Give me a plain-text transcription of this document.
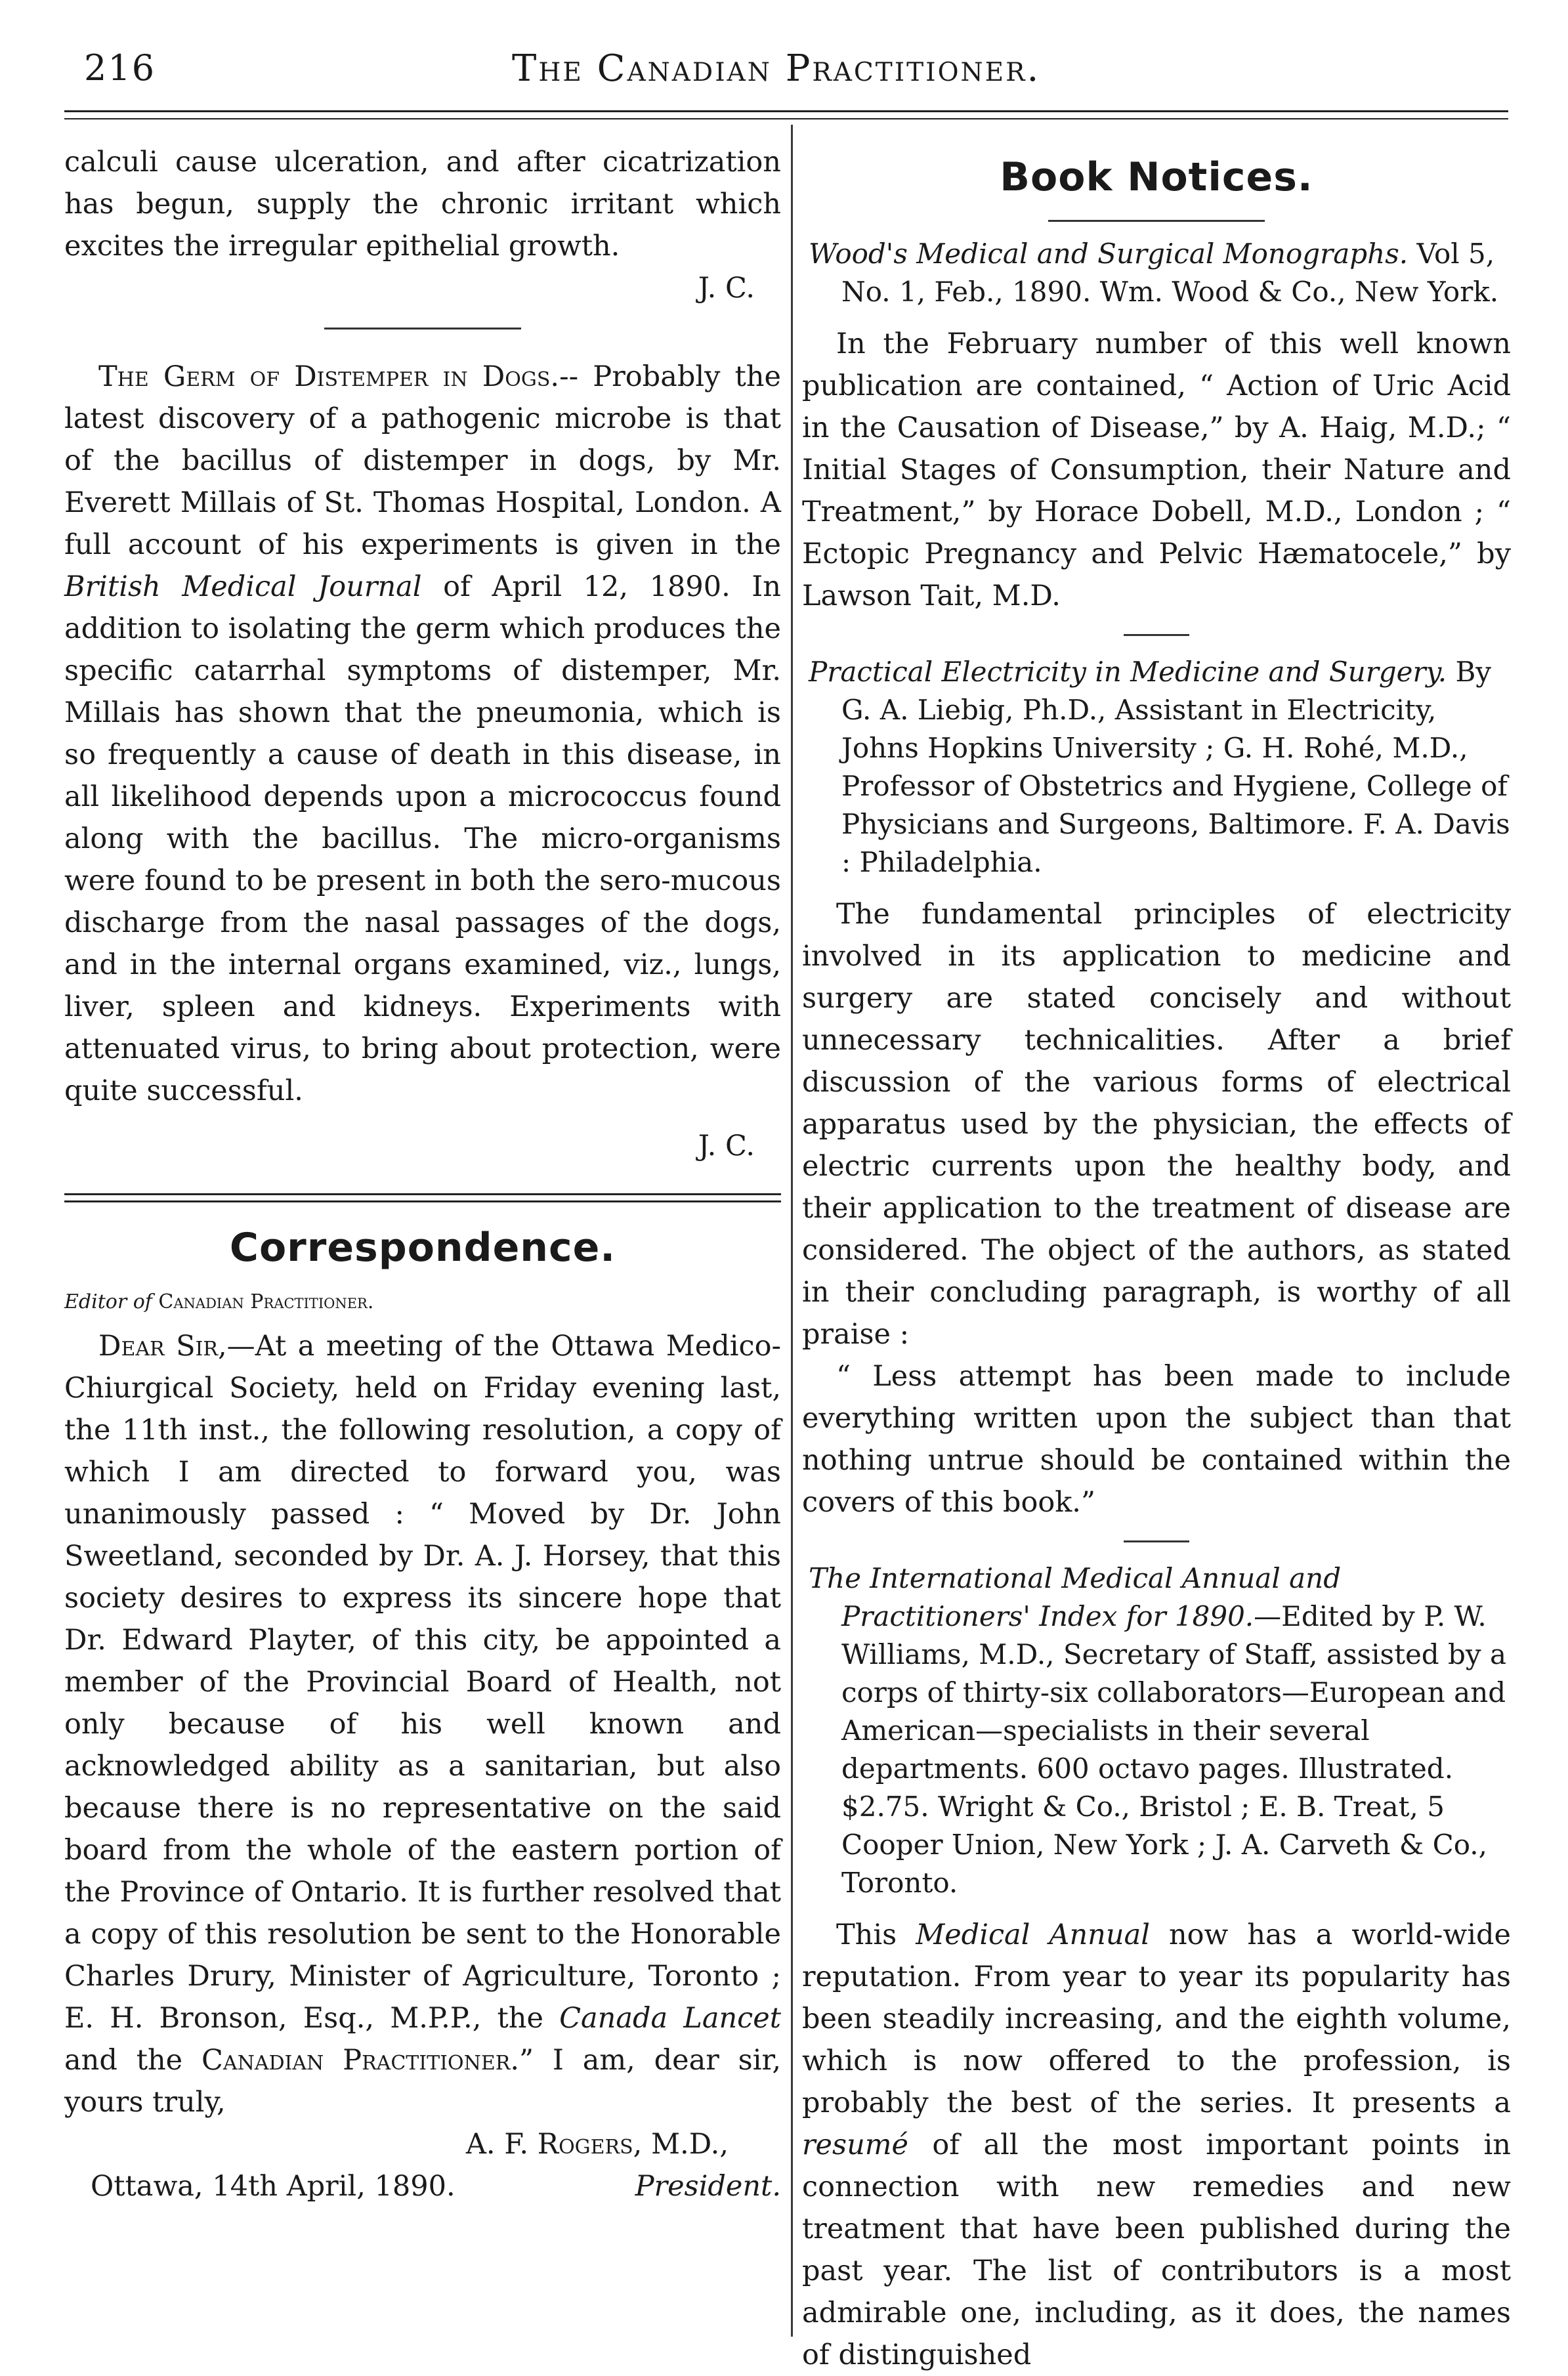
216	The Canadian Practitioner.

calculi cause ulceration, and after cicatrization has begun, supply the chronic irritant which excites the irregular epithelial growth.

J. C.

The Germ of Distemper in Dogs.-- Probably the latest discovery of a pathogenic microbe is that of the bacillus of distemper in dogs, by Mr. Everett Millais of St. Thomas Hospital, London. A full account of his experiments is given in the British Medical Journal of April 12, 1890. In addition to isolating the germ which produces the specific catarrhal symptoms of distemper, Mr. Millais has shown that the pneumonia, which is so frequently a cause of death in this disease, in all likelihood depends upon a micrococcus found along with the bacillus. The micro-organisms were found to be present in both the sero-mucous discharge from the nasal passages of the dogs, and in the internal organs examined, viz., lungs, liver, spleen and kidneys. Experiments with attenuated virus, to bring about protection, were quite successful.

J. C.
Correspondence.
Editor of Canadian Practitioner.

Dear Sir,—At a meeting of the Ottawa Medico-Chiurgical Society, held on Friday evening last, the 11th inst., the following resolution, a copy of which I am directed to forward you, was unanimously passed : “ Moved by Dr. John Sweetland, seconded by Dr. A. J. Horsey, that this society desires to express its sincere hope that Dr. Edward Playter, of this city, be appointed a member of the Provincial Board of Health, not only because of his well known and acknowledged ability as a sanitarian, but also because there is no representative on the said board from the whole of the eastern portion of the Province of Ontario. It is further resolved that a copy of this resolution be sent to the Honorable Charles Drury, Minister of Agriculture, Toronto ; E. H. Bronson, Esq., M.P.P., the Canada Lancet and the Canadian Practitioner.” I am, dear sir, yours truly,

A. F. Rogers, M.D.,
Ottawa, 14th April, 1890.	President.
Book Notices.
Wood's Medical and Surgical Monographs. Vol 5, No. 1, Feb., 1890. Wm. Wood & Co., New York.

In the February number of this well known publication are contained, “ Action of Uric Acid in the Causation of Disease,” by A. Haig, M.D.; “ Initial Stages of Consumption, their Nature and Treatment,” by Horace Dobell, M.D., London ; “ Ectopic Pregnancy and Pelvic Hæmatocele,” by Lawson Tait, M.D.

Practical Electricity in Medicine and Surgery. By G. A. Liebig, Ph.D., Assistant in Electricity, Johns Hopkins University ; G. H. Rohé, M.D., Professor of Obstetrics and Hygiene, College of Physicians and Surgeons, Baltimore. F. A. Davis : Philadelphia.

The fundamental principles of electricity involved in its application to medicine and surgery are stated concisely and without unnecessary technicalities. After a brief discussion of the various forms of electrical apparatus used by the physician, the effects of electric currents upon the healthy body, and their application to the treatment of disease are considered. The object of the authors, as stated in their concluding paragraph, is worthy of all praise :

“ Less attempt has been made to include everything written upon the subject than that nothing untrue should be contained within the covers of this book.”

The International Medical Annual and Practitioners' Index for 1890.—Edited by P. W. Williams, M.D., Secretary of Staff, assisted by a corps of thirty-six collaborators—European and American—specialists in their several departments. 600 octavo pages. Illustrated. $2.75. Wright & Co., Bristol ; E. B. Treat, 5 Cooper Union, New York ; J. A. Carveth & Co., Toronto.

This Medical Annual now has a world-wide reputation. From year to year its popularity has been steadily increasing, and the eighth volume, which is now offered to the profession, is probably the best of the series. It presents a resumé of all the most important points in connection with new remedies and new treatment that have been published during the past year. The list of contributors is a most admirable one, including, as it does, the names of distinguished
